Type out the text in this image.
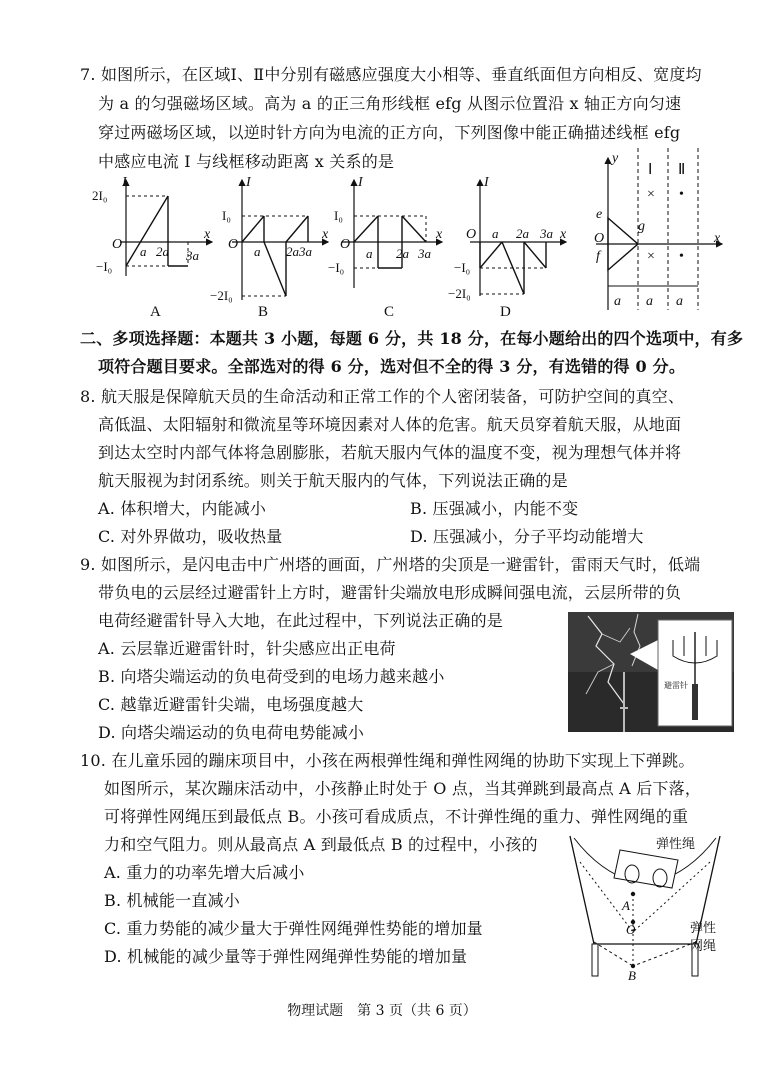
7. 如图所示，在区域Ⅰ、Ⅱ中分别有磁感应强度大小相等、垂直纸面但方向相反、宽度均
为 a 的匀强磁场区域。高为 a 的正三角形线框 efg 从图示位置沿 x 轴正方向匀速
穿过两磁场区域，以逆时针方向为电流的正方向，下列图像中能正确描述线框 efg
中感应电流 I 与线框移动距离 x 关系的是
I
x
O
2I₀
−I₀
a 2a 3a
I
x
O
I₀
−2I₀
a 2a3a
I
x
O
I₀
−I₀
a 2a 3a
I
x
O a 2a 3a
−I₀
−2I₀
a a a
y
x
O
e
f
g
Ⅰ Ⅱ
×
×
•
•
A	B	C	D
二、多项选择题：本题共 3 小题，每题 6 分，共 18 分，在每小题给出的四个选项中，有多
项符合题目要求。全部选对的得 6 分，选对但不全的得 3 分，有选错的得 0 分。
8. 航天服是保障航天员的生命活动和正常工作的个人密闭装备，可防护空间的真空、
高低温、太阳辐射和微流星等环境因素对人体的危害。航天员穿着航天服，从地面
到达太空时内部气体将急剧膨胀，若航天服内气体的温度不变，视为理想气体并将
航天服视为封闭系统。则关于航天服内的气体，下列说法正确的是
A. 体积增大，内能减小	B. 压强减小，内能不变
C. 对外界做功，吸收热量	D. 压强减小，分子平均动能增大
9. 如图所示，是闪电击中广州塔的画面，广州塔的尖顶是一避雷针，雷雨天气时，低端
带负电的云层经过避雷针上方时，避雷针尖端放电形成瞬间强电流，云层所带的负
电荷经避雷针导入大地，在此过程中，下列说法正确的是
A. 云层靠近避雷针时，针尖感应出正电荷
B. 向塔尖端运动的负电荷受到的电场力越来越小
C. 越靠近避雷针尖端，电场强度越大
D. 向塔尖端运动的负电荷电势能减小
避雷针
10. 在儿童乐园的蹦床项目中，小孩在两根弹性绳和弹性网绳的协助下实现上下弹跳。
如图所示，某次蹦床活动中，小孩静止时处于 O 点，当其弹跳到最高点 A 后下落，
可将弹性网绳压到最低点 B。小孩可看成质点，不计弹性绳的重力、弹性网绳的重
力和空气阻力。则从最高点 A 到最低点 B 的过程中，小孩的
A. 重力的功率先增大后减小
B. 机械能一直减小
C. 重力势能的减少量大于弹性网绳弹性势能的增加量
D. 机械能的减少量等于弹性网绳弹性势能的增加量
A
O
B
弹性绳
弹性
网绳
物理试题　第 3 页（共 6 页）
